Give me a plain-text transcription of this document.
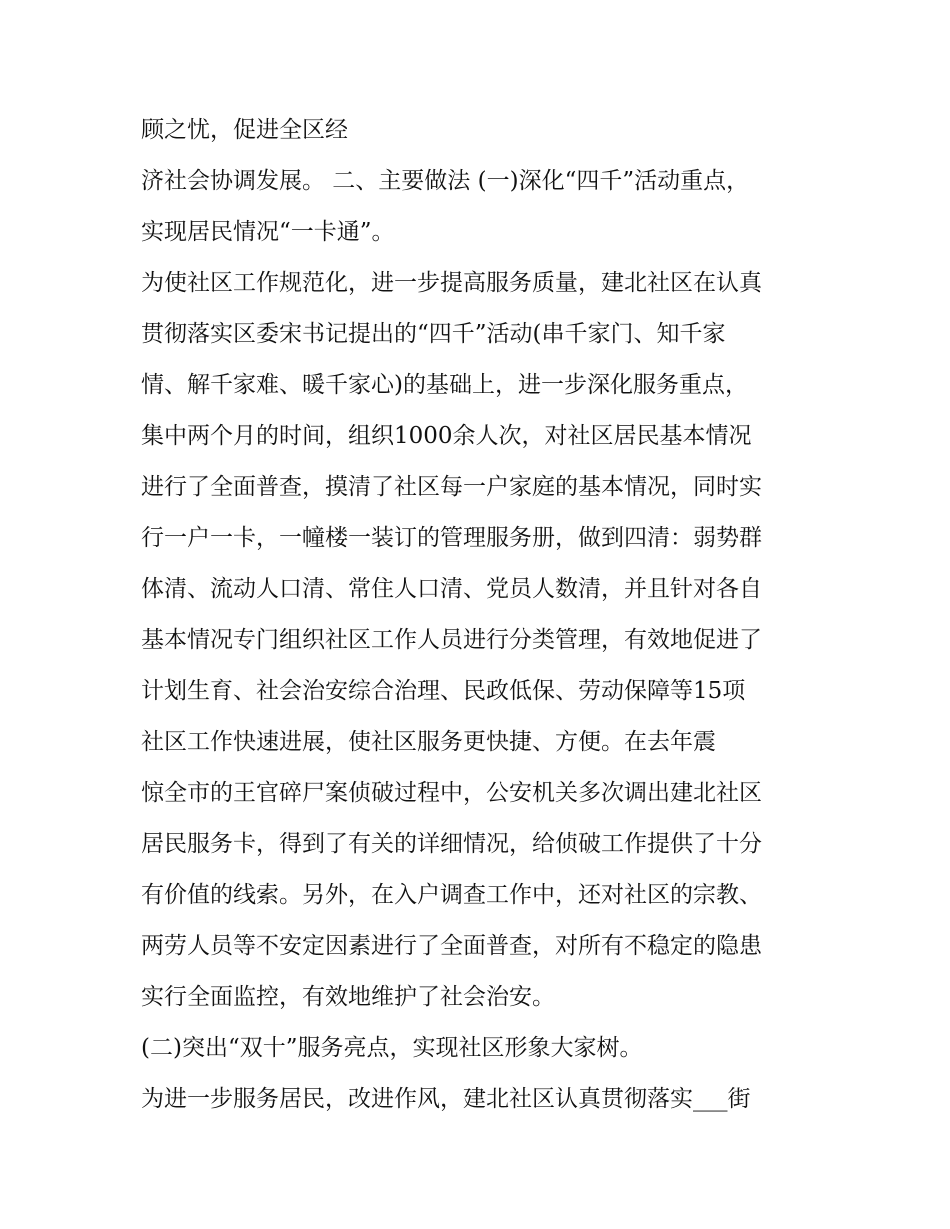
顾之忧，促进全区经
济社会协调发展。 二、主要做法 (一)深化“四千”活动重点，
实现居民情况“一卡通”。
为使社区工作规范化，进一步提高服务质量，建北社区在认真
贯彻落实区委宋书记提出的“四千”活动(串千家门、知千家
情、解千家难、暖千家心)的基础上，进一步深化服务重点，
集中两个月的时间，组织1000余人次，对社区居民基本情况
进行了全面普查，摸清了社区每一户家庭的基本情况，同时实
行一户一卡，一幢楼一装订的管理服务册，做到四清：弱势群
体清、流动人口清、常住人口清、党员人数清，并且针对各自
基本情况专门组织社区工作人员进行分类管理，有效地促进了
计划生育、社会治安综合治理、民政低保、劳动保障等15项
社区工作快速进展，使社区服务更快捷、方便。在去年震
惊全市的王官碎尸案侦破过程中，公安机关多次调出建北社区
居民服务卡，得到了有关的详细情况，给侦破工作提供了十分
有价值的线索。另外，在入户调查工作中，还对社区的宗教、
两劳人员等不安定因素进行了全面普查，对所有不稳定的隐患
实行全面监控，有效地维护了社会治安。
(二)突出“双十”服务亮点，实现社区形象大家树。
为进一步服务居民，改进作风，建北社区认真贯彻落实___街
